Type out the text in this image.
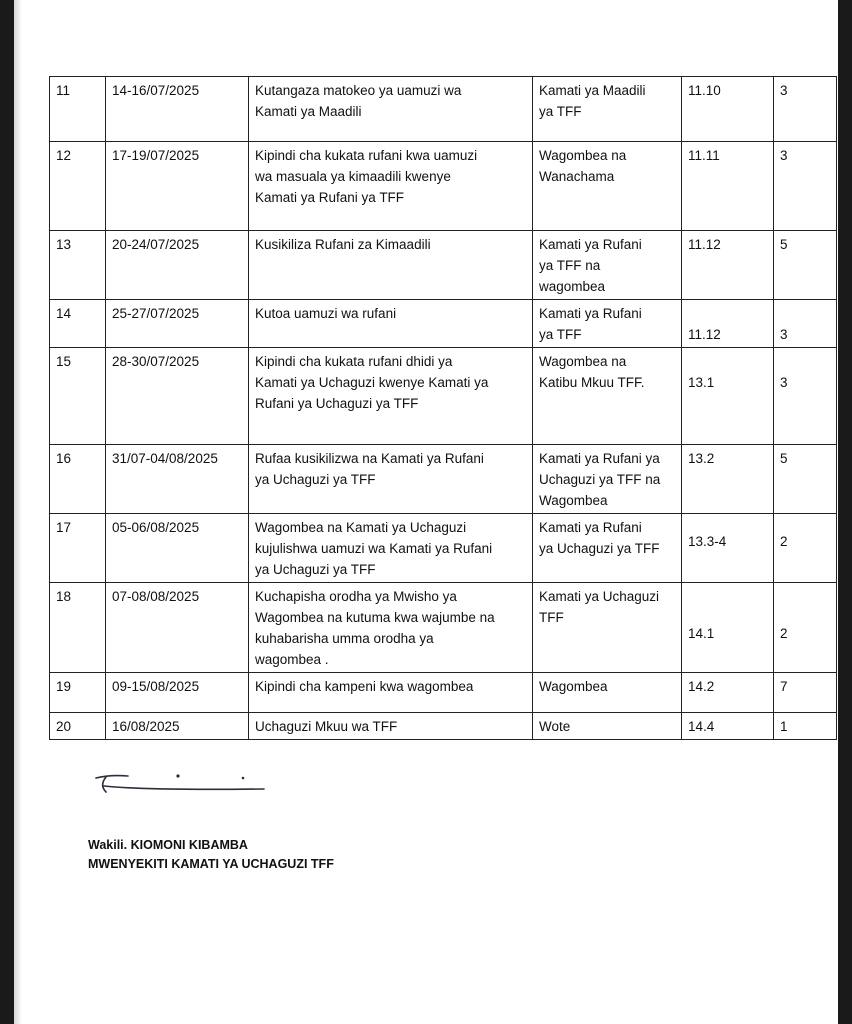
11	14-16/07/2025	Kutangaza matokeo ya uamuzi wa
Kamati ya Maadili	Kamati ya Maadili
ya TFF	11.10	3
12	17-19/07/2025	Kipindi cha kukata rufani kwa uamuzi
wa masuala ya kimaadili kwenye
Kamati ya Rufani ya TFF	Wagombea na
Wanachama	11.11	3
13	20-24/07/2025	Kusikiliza Rufani za Kimaadili	Kamati ya Rufani
ya TFF na
wagombea	11.12	5
14	25-27/07/2025	Kutoa uamuzi wa rufani	Kamati ya Rufani
ya TFF	11.12	3
15	28-30/07/2025	Kipindi cha kukata rufani dhidi ya
Kamati ya Uchaguzi kwenye Kamati ya
Rufani ya Uchaguzi ya TFF	Wagombea na
Katibu Mkuu TFF.	13.1	3
16	31/07-04/08/2025	Rufaa kusikilizwa na Kamati ya Rufani
ya Uchaguzi ya TFF	Kamati ya Rufani ya
Uchaguzi ya TFF na
Wagombea	13.2	5
17	05-06/08/2025	Wagombea na Kamati ya Uchaguzi
kujulishwa uamuzi wa Kamati ya Rufani
ya Uchaguzi ya TFF	Kamati ya Rufani
ya Uchaguzi ya TFF	13.3-4	2
18	07-08/08/2025	Kuchapisha orodha ya Mwisho ya
Wagombea na kutuma kwa wajumbe na
kuhabarisha umma orodha ya
wagombea .	Kamati ya Uchaguzi
TFF	14.1	2
19	09-15/08/2025	Kipindi cha kampeni kwa wagombea	Wagombea	14.2	7
20	16/08/2025	Uchaguzi Mkuu wa TFF	Wote	14.4	1
Wakili. KIOMONI KIBAMBA
MWENYEKITI KAMATI YA UCHAGUZI TFF
